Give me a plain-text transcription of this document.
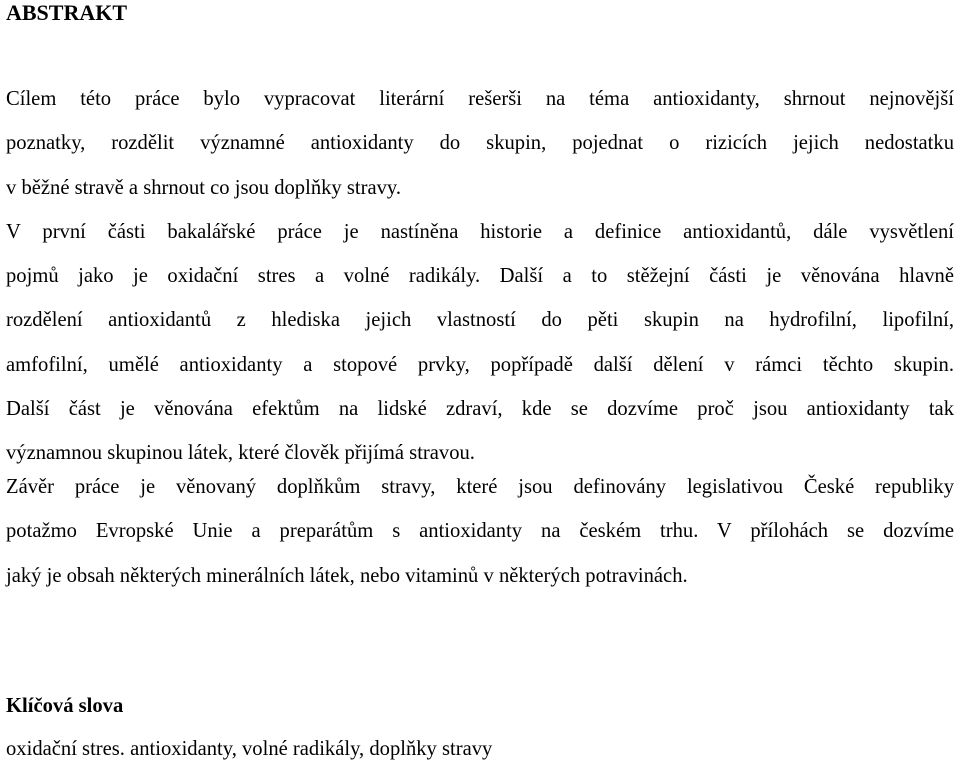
ABSTRAKT
Cílem této práce bylo vypracovat literární rešerši na téma antioxidanty, shrnout nejnovější
poznatky, rozdělit významné antioxidanty do skupin, pojednat o rizicích jejich nedostatku
v běžné stravě a shrnout co jsou doplňky stravy.
V první části bakalářské práce je nastíněna historie a definice antioxidantů, dále vysvětlení
pojmů jako je oxidační stres a volné radikály. Další a to stěžejní části je věnována hlavně
rozdělení antioxidantů z hlediska jejich vlastností do pěti skupin na hydrofilní, lipofilní,
amfofilní, umělé antioxidanty a stopové prvky, popřípadě další dělení v rámci těchto skupin.
Další část je věnována efektům na lidské zdraví, kde se dozvíme proč jsou antioxidanty tak
významnou skupinou látek, které člověk přijímá stravou.
Závěr práce je věnovaný doplňkům stravy, které jsou definovány legislativou České republiky
potažmo Evropské Unie a preparátům s antioxidanty na českém trhu. V přílohách se dozvíme
jaký je obsah některých minerálních látek, nebo vitaminů v některých potravinách.
Klíčová slova
oxidační stres. antioxidanty, volné radikály, doplňky stravy
